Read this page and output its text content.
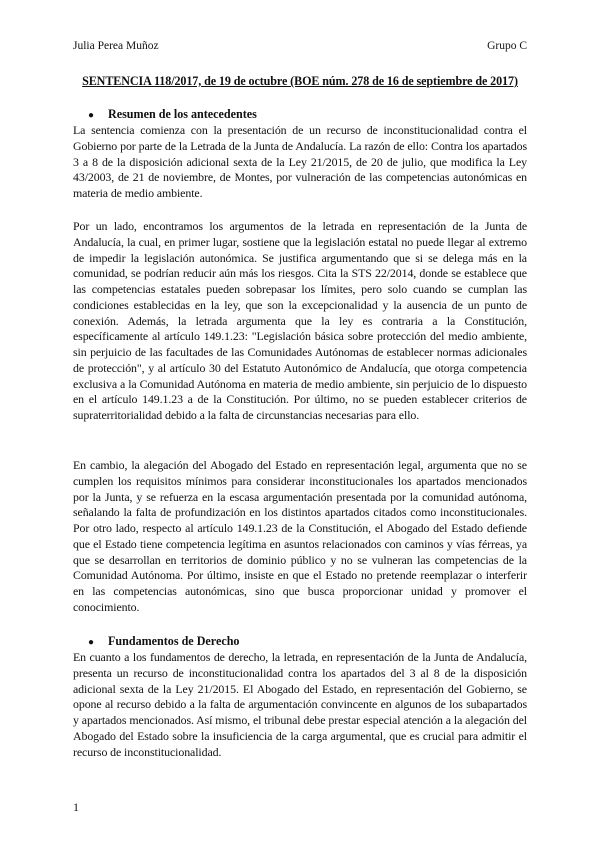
Julia Perea Muñoz	Grupo C
SENTENCIA 118/2017, de 19 de octubre (BOE núm. 278 de 16 de septiembre de 2017)
● Resumen de los antecedentes
La sentencia comienza con la presentación de un recurso de inconstitucionalidad contra el Gobierno por parte de la Letrada de la Junta de Andalucía. La razón de ello: Contra los apartados 3 a 8 de la disposición adicional sexta de la Ley 21/2015, de 20 de julio, que modifica la Ley 43/2003, de 21 de noviembre, de Montes, por vulneración de las competencias autonómicas en materia de medio ambiente.
Por un lado, encontramos los argumentos de la letrada en representación de la Junta de Andalucía, la cual, en primer lugar, sostiene que la legislación estatal no puede llegar al extremo de impedir la legislación autonómica. Se justifica argumentando que si se delega más en la comunidad, se podrían reducir aún más los riesgos. Cita la STS 22/2014, donde se establece que las competencias estatales pueden sobrepasar los límites, pero solo cuando se cumplan las condiciones establecidas en la ley, que son la excepcionalidad y la ausencia de un punto de conexión. Además, la letrada argumenta que la ley es contraria a la Constitución, específicamente al artículo 149.1.23: "Legislación básica sobre protección del medio ambiente, sin perjuicio de las facultades de las Comunidades Autónomas de establecer normas adicionales de protección", y al artículo 30 del Estatuto Autonómico de Andalucía, que otorga competencia exclusiva a la Comunidad Autónoma en materia de medio ambiente, sin perjuicio de lo dispuesto en el artículo 149.1.23 a de la Constitución. Por último, no se pueden establecer criterios de supraterritorialidad debido a la falta de circunstancias necesarias para ello.
En cambio, la alegación del Abogado del Estado en representación legal, argumenta que no se cumplen los requisitos mínimos para considerar inconstitucionales los apartados mencionados por la Junta, y se refuerza en la escasa argumentación presentada por la comunidad autónoma, señalando la falta de profundización en los distintos apartados citados como inconstitucionales. Por otro lado, respecto al artículo 149.1.23 de la Constitución, el Abogado del Estado defiende que el Estado tiene competencia legítima en asuntos relacionados con caminos y vías férreas, ya que se desarrollan en territorios de dominio público y no se vulneran las competencias de la Comunidad Autónoma. Por último, insiste en que el Estado no pretende reemplazar o interferir en las competencias autonómicas, sino que busca proporcionar unidad y promover el conocimiento.
● Fundamentos de Derecho
En cuanto a los fundamentos de derecho, la letrada, en representación de la Junta de Andalucía, presenta un recurso de inconstitucionalidad contra los apartados del 3 al 8 de la disposición adicional sexta de la Ley 21/2015. El Abogado del Estado, en representación del Gobierno, se opone al recurso debido a la falta de argumentación convincente en algunos de los subapartados y apartados mencionados. Así mismo, el tribunal debe prestar especial atención a la alegación del Abogado del Estado sobre la insuficiencia de la carga argumental, que es crucial para admitir el recurso de inconstitucionalidad.
1
